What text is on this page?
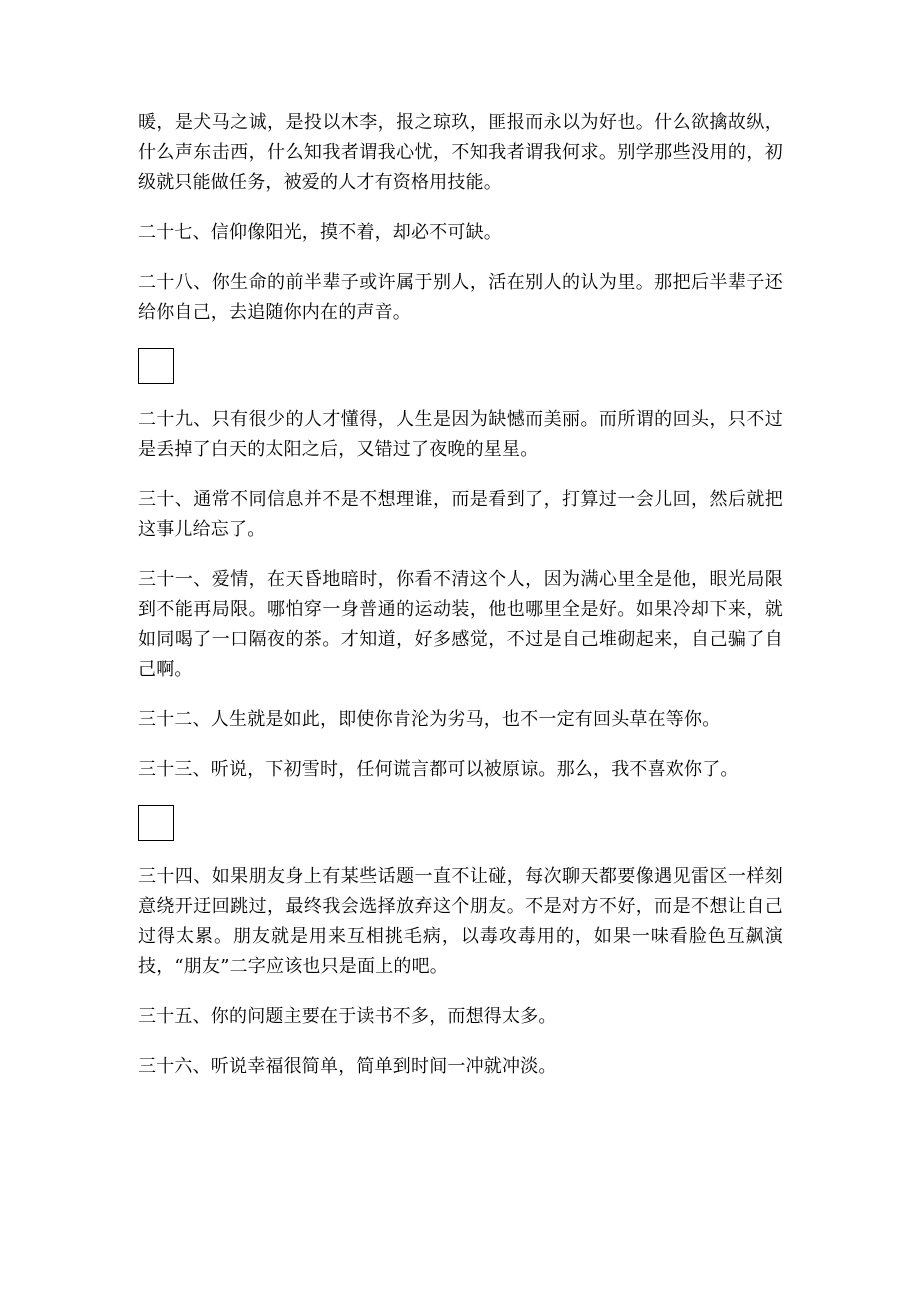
暖，是犬马之诚，是投以木李，报之琼玖，匪报而永以为好也。什么欲擒故纵，什么声东击西，什么知我者谓我心忧，不知我者谓我何求。别学那些没用的，初级就只能做任务，被爱的人才有资格用技能。

二十七、信仰像阳光，摸不着，却必不可缺。

二十八、你生命的前半辈子或许属于别人，活在别人的认为里。那把后半辈子还给你自己，去追随你内在的声音。

二十九、只有很少的人才懂得，人生是因为缺憾而美丽。而所谓的回头，只不过是丢掉了白天的太阳之后，又错过了夜晚的星星。

三十、通常不同信息并不是不想理谁，而是看到了，打算过一会儿回，然后就把这事儿给忘了。

三十一、爱情，在天昏地暗时，你看不清这个人，因为满心里全是他，眼光局限到不能再局限。哪怕穿一身普通的运动装，他也哪里全是好。如果冷却下来，就如同喝了一口隔夜的茶。才知道，好多感觉，不过是自己堆砌起来，自己骗了自己啊。

三十二、人生就是如此，即使你肯沦为劣马，也不一定有回头草在等你。

三十三、听说，下初雪时，任何谎言都可以被原谅。那么，我不喜欢你了。

三十四、如果朋友身上有某些话题一直不让碰，每次聊天都要像遇见雷区一样刻意绕开迂回跳过，最终我会选择放弃这个朋友。不是对方不好，而是不想让自己过得太累。朋友就是用来互相挑毛病，以毒攻毒用的，如果一味看脸色互飙演技，“朋友”二字应该也只是面上的吧。

三十五、你的问题主要在于读书不多，而想得太多。

三十六、听说幸福很简单，简单到时间一冲就冲淡。
